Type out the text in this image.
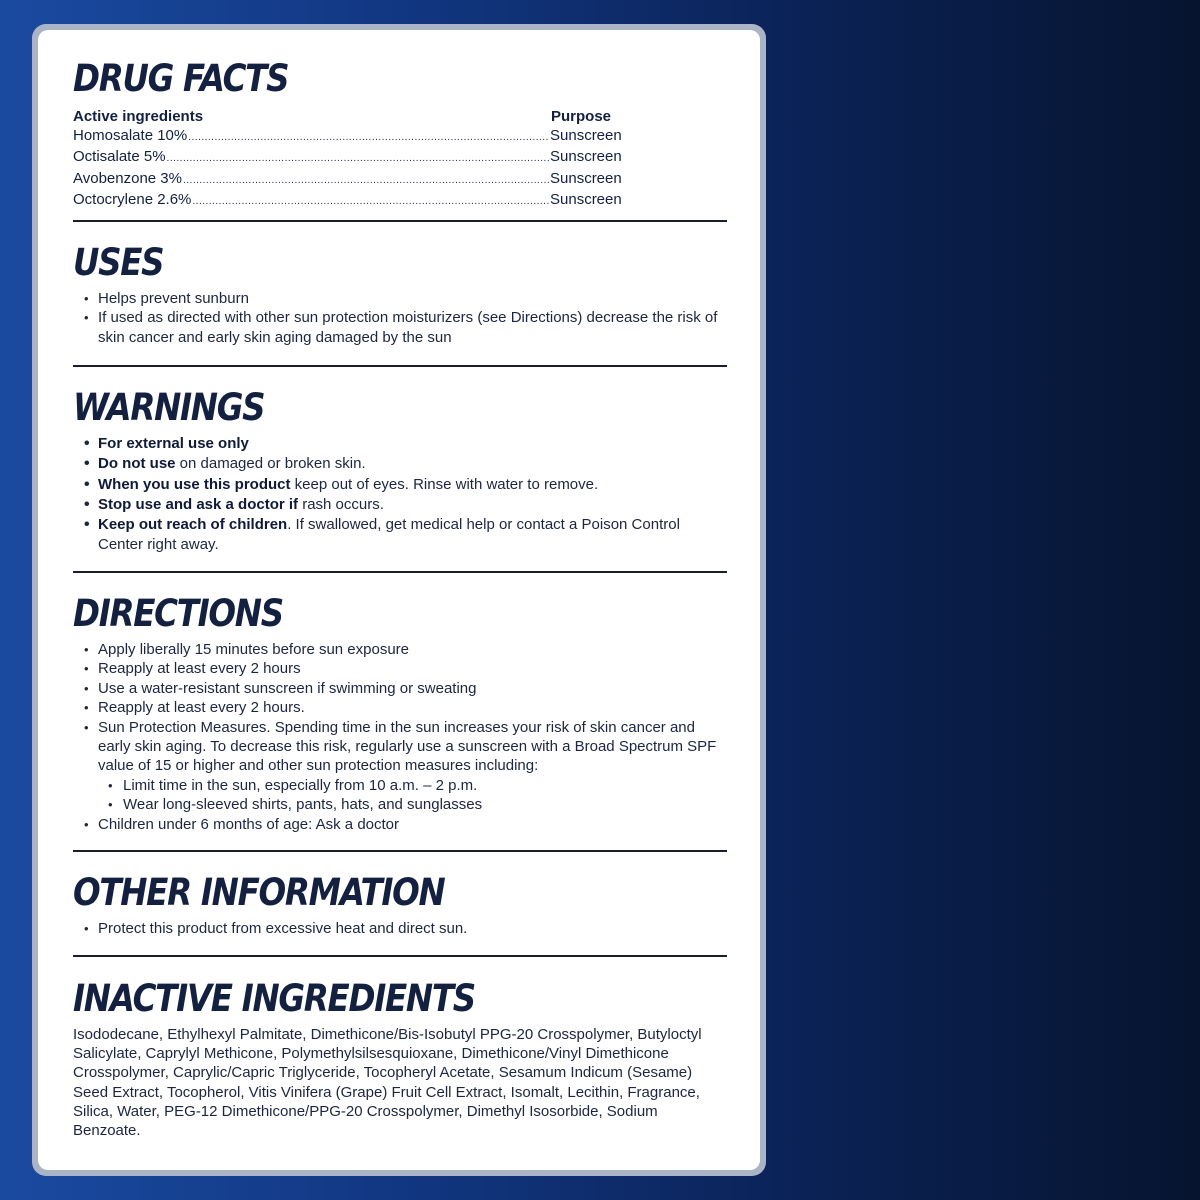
DRUG FACTS
Active ingredients	Purpose
Homosalate 10% .....	Sunscreen
Octisalate 5% .....	Sunscreen
Avobenzone 3% .....	Sunscreen
Octocrylene 2.6% .....	Sunscreen
USES
• Helps prevent sunburn
• If used as directed with other sun protection moisturizers (see Directions) decrease the risk of skin cancer and early skin aging damaged by the sun
WARNINGS
• For external use only
• Do not use on damaged or broken skin.
• When you use this product keep out of eyes. Rinse with water to remove.
• Stop use and ask a doctor if rash occurs.
• Keep out reach of children. If swallowed, get medical help or contact a Poison Control Center right away.
DIRECTIONS
• Apply liberally 15 minutes before sun exposure
• Reapply at least every 2 hours
• Use a water-resistant sunscreen if swimming or sweating
• Reapply at least every 2 hours.
• Sun Protection Measures. Spending time in the sun increases your risk of skin cancer and early skin aging. To decrease this risk, regularly use a sunscreen with a Broad Spectrum SPF value of 15 or higher and other sun protection measures including:
• Limit time in the sun, especially from 10 a.m. – 2 p.m.
• Wear long-sleeved shirts, pants, hats, and sunglasses
• Children under 6 months of age: Ask a doctor
OTHER INFORMATION
• Protect this product from excessive heat and direct sun.
INACTIVE INGREDIENTS

Isododecane, Ethylhexyl Palmitate, Dimethicone/Bis-Isobutyl PPG-20 Crosspolymer, Butyloctyl Salicylate, Caprylyl Methicone, Polymethylsilsesquioxane, Dimethicone/Vinyl Dimethicone Crosspolymer, Caprylic/Capric Triglyceride, Tocopheryl Acetate, Sesamum Indicum (Sesame) Seed Extract, Tocopherol, Vitis Vinifera (Grape) Fruit Cell Extract, Isomalt, Lecithin, Fragrance, Silica, Water, PEG-12 Dimethicone/PPG-20 Crosspolymer, Dimethyl Isosorbide, Sodium Benzoate.
